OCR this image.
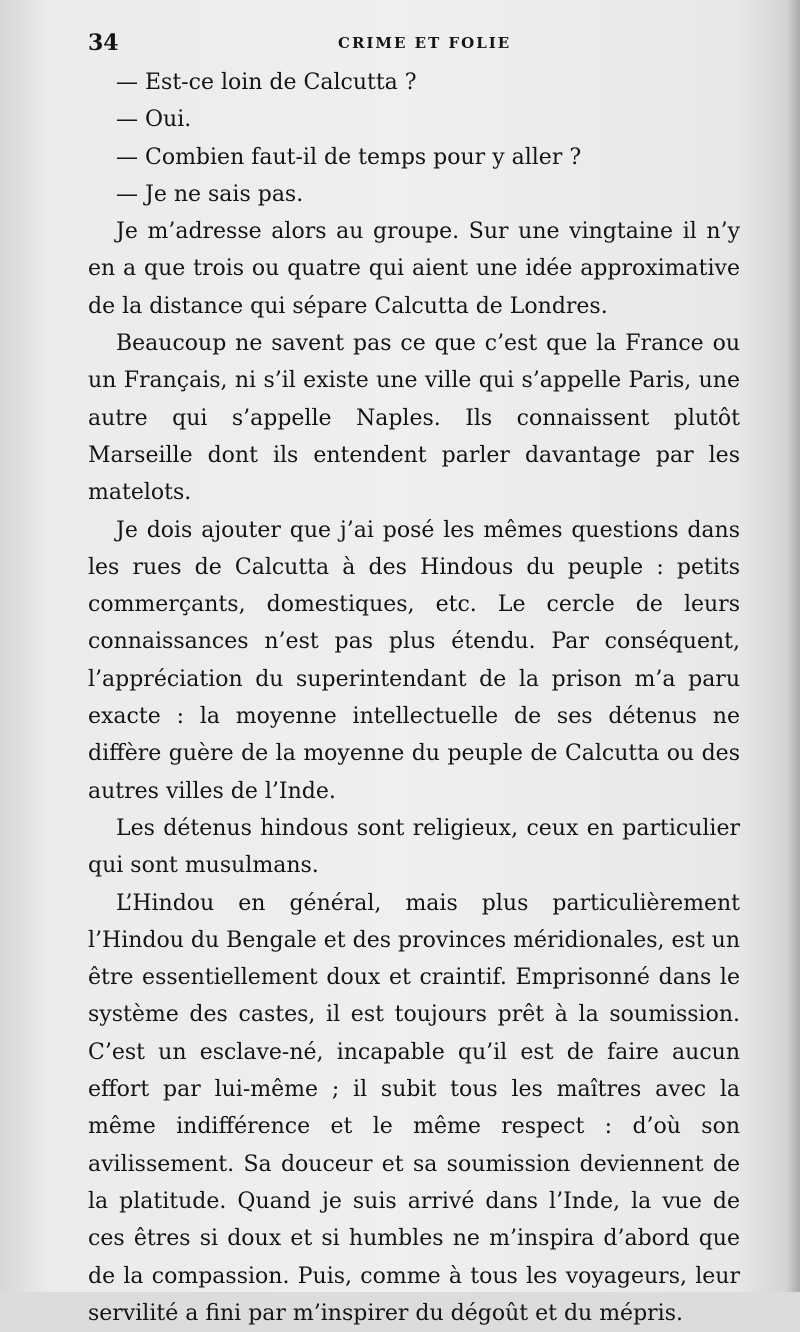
34	CRIME ET FOLIE

— Est-ce loin de Calcutta ?

— Oui.

— Combien faut-il de temps pour y aller ?

— Je ne sais pas.

Je m’adresse alors au groupe. Sur une vingtaine il n’y en a que trois ou quatre qui aient une idée approximative de la distance qui sépare Calcutta de Londres.

Beaucoup ne savent pas ce que c’est que la France ou un Français, ni s’il existe une ville qui s’appelle Paris, une autre qui s’appelle Naples. Ils connaissent plutôt Marseille dont ils entendent parler davantage par les matelots.

Je dois ajouter que j’ai posé les mêmes questions dans les rues de Calcutta à des Hindous du peuple : petits commerçants, domestiques, etc. Le cercle de leurs connaissances n’est pas plus étendu. Par conséquent, l’appréciation du superintendant de la prison m’a paru exacte : la moyenne intellectuelle de ses détenus ne diffère guère de la moyenne du peuple de Calcutta ou des autres villes de l’Inde.

Les détenus hindous sont religieux, ceux en particulier qui sont musulmans.

L’Hindou en général, mais plus particulièrement l’Hindou du Bengale et des provinces méridionales, est un être essentiellement doux et craintif. Emprisonné dans le système des castes, il est toujours prêt à la soumission. C’est un esclave-né, incapable qu’il est de faire aucun effort par lui-même ; il subit tous les maîtres avec la même indifférence et le même respect : d’où son avilissement. Sa douceur et sa soumission deviennent de la platitude. Quand je suis arrivé dans l’Inde, la vue de ces êtres si doux et si humbles ne m’inspira d’abord que de la compassion. Puis, comme à tous les voyageurs, leur servilité a fini par m’inspirer du dégoût et du mépris.
